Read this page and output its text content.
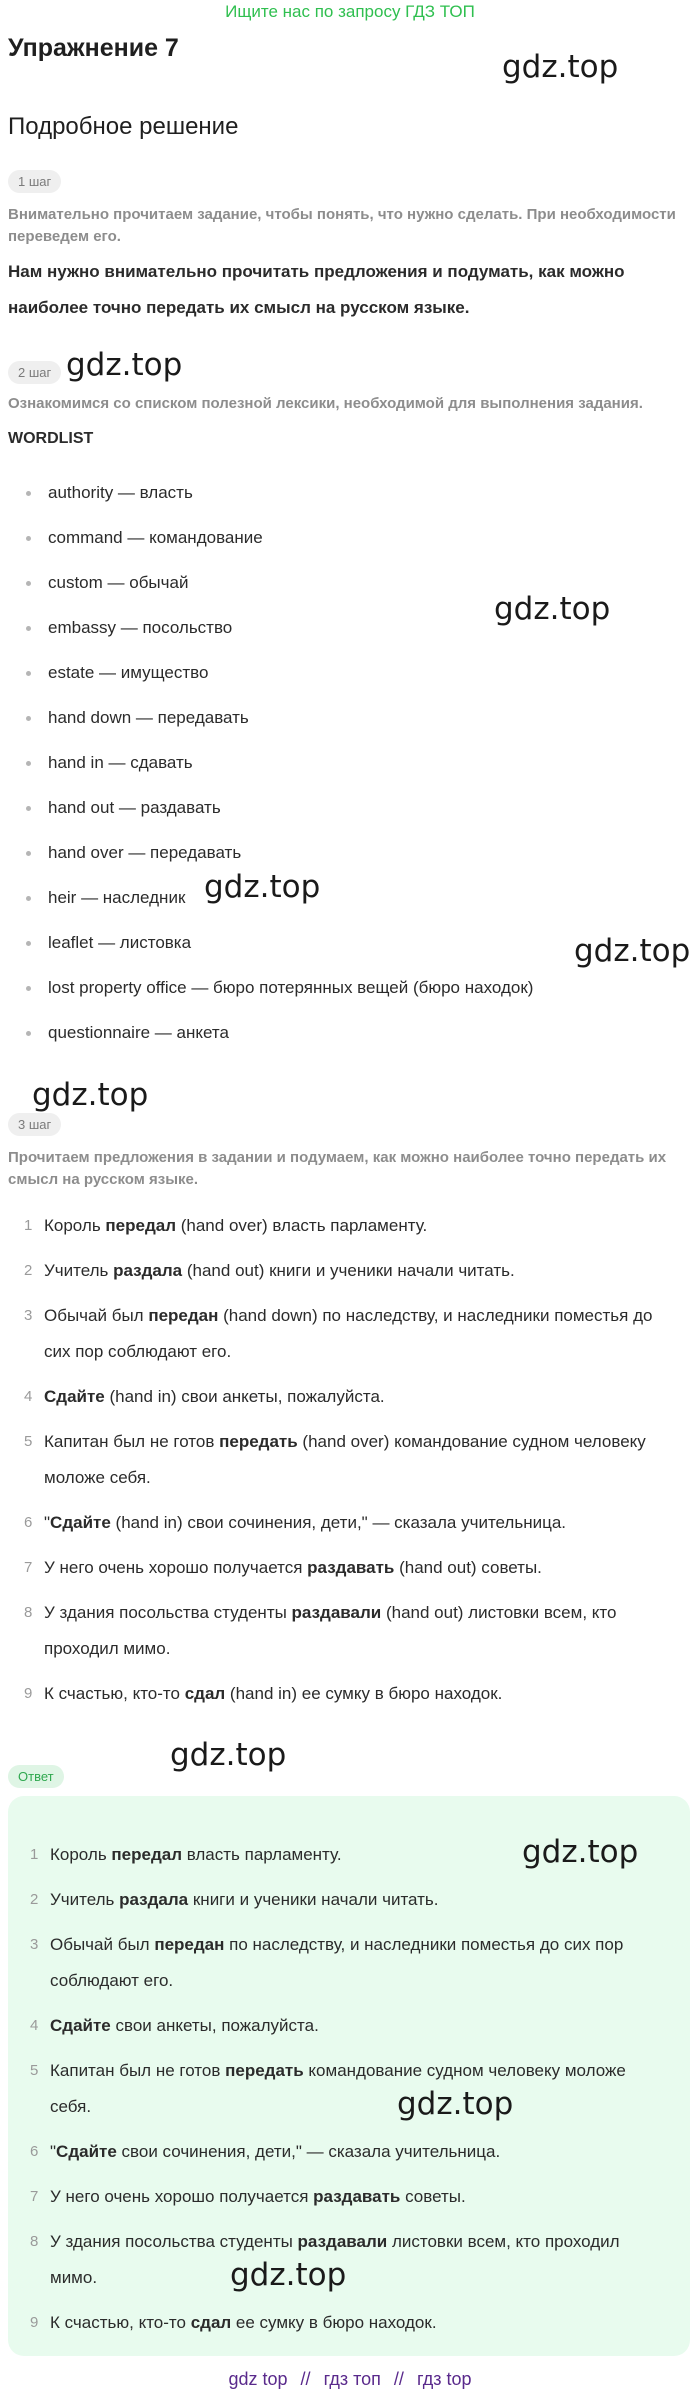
Ищите нас по запросу ГДЗ ТОП
Упражнение 7
gdz.top
Подробное решение
1 шаг

Внимательно прочитаем задание, чтобы понять, что нужно сделать. При необходимости переведем его.

Нам нужно внимательно прочитать предложения и подумать, как можно наиболее точно передать их смысл на русском языке.

2 шаг gdz.top

Ознакомимся со списком полезной лексики, необходимой для выполнения задания.

WORDLIST

authority — власть
command — командование
custom — обычай
embassy — посольство
estate — имущество
hand down — передавать
hand in — сдавать
hand out — раздавать
hand over — передавать
heir — наследник
leaflet — листовка
lost property office — бюро потерянных вещей (бюро находок)
questionnaire — анкета
gdz.top
gdz.top
gdz.top
gdz.top
3 шаг

Прочитаем предложения в задании и подумаем, как можно наиболее точно передать их смысл на русском языке.

1 Король передал (hand over) власть парламенту.
2 Учитель раздала (hand out) книги и ученики начали читать.
3 Обычай был передан (hand down) по наследству, и наследники поместья до сих пор соблюдают его.
4 Сдайте (hand in) свои анкеты, пожалуйста.
5 Капитан был не готов передать (hand over) командование судном человеку моложе себя.
6 "Сдайте (hand in) свои сочинения, дети," — сказала учительница.
7 У него очень хорошо получается раздавать (hand out) советы.
8 У здания посольства студенты раздавали (hand out) листовки всем, кто проходил мимо.
9 К счастью, кто-то сдал (hand in) ее сумку в бюро находок.
gdz.top
Ответ
1 Король передал власть парламенту.
2 Учитель раздала книги и ученики начали читать.
3 Обычай был передан по наследству, и наследники поместья до сих пор соблюдают его.
4 Сдайте свои анкеты, пожалуйста.
5 Капитан был не готов передать командование судном человеку моложе себя.
6 "Сдайте свои сочинения, дети," — сказала учительница.
7 У него очень хорошо получается раздавать советы.
8 У здания посольства студенты раздавали листовки всем, кто проходил мимо.
9 К счастью, кто-то сдал ее сумку в бюро находок.
gdz.top
gdz.top
gdz.top
gdz top // гдз топ // гдз top
